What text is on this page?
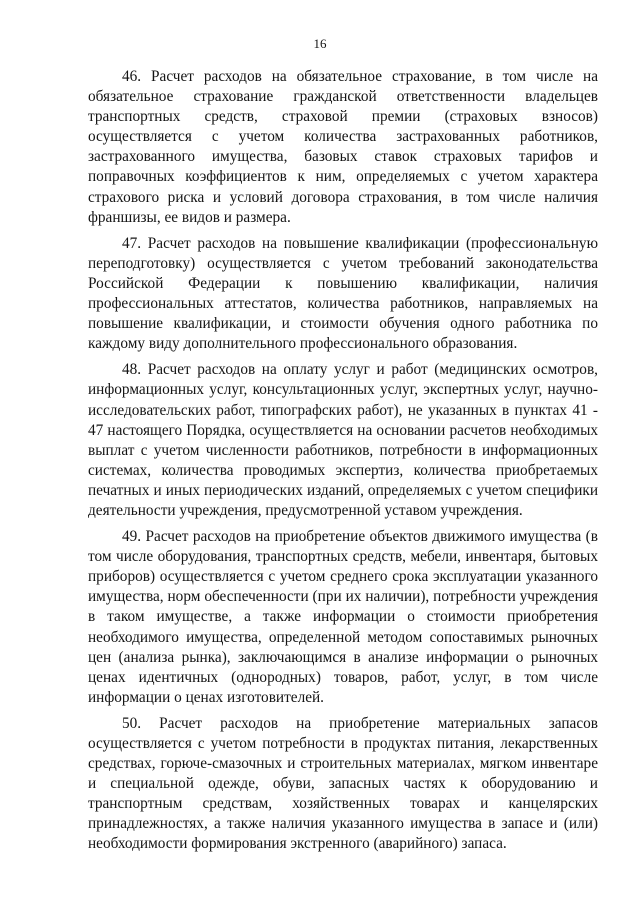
16

46. Расчет расходов на обязательное страхование, в том числе на обязательное страхование гражданской ответственности владельцев транспортных средств, страховой премии (страховых взносов) осуществляется с учетом количества застрахованных работников, застрахованного имущества, базовых ставок страховых тарифов и поправочных коэффициентов к ним, определяемых с учетом характера страхового риска и условий договора страхования, в том числе наличия франшизы, ее видов и размера.

47. Расчет расходов на повышение квалификации (профессиональную переподготовку) осуществляется с учетом требований законодательства Российской Федерации к повышению квалификации, наличия профессиональных аттестатов, количества работников, направляемых на повышение квалификации, и стоимости обучения одного работника по каждому виду дополнительного профессионального образования.

48. Расчет расходов на оплату услуг и работ (медицинских осмотров, информационных услуг, консультационных услуг, экспертных услуг, научно-исследовательских работ, типографских работ), не указанных в пунктах 41 - 47 настоящего Порядка, осуществляется на основании расчетов необходимых выплат с учетом численности работников, потребности в информационных системах, количества проводимых экспертиз, количества приобретаемых печатных и иных периодических изданий, определяемых с учетом специфики деятельности учреждения, предусмотренной уставом учреждения.

49. Расчет расходов на приобретение объектов движимого имущества (в том числе оборудования, транспортных средств, мебели, инвентаря, бытовых приборов) осуществляется с учетом среднего срока эксплуатации указанного имущества, норм обеспеченности (при их наличии), потребности учреждения в таком имуществе, а также информации о стоимости приобретения необходимого имущества, определенной методом сопоставимых рыночных цен (анализа рынка), заключающимся в анализе информации о рыночных ценах идентичных (однородных) товаров, работ, услуг, в том числе информации о ценах изготовителей.

50. Расчет расходов на приобретение материальных запасов осуществляется с учетом потребности в продуктах питания, лекарственных средствах, горюче-смазочных и строительных материалах, мягком инвентаре и специальной одежде, обуви, запасных частях к оборудованию и транспортным средствам, хозяйственных товарах и канцелярских принадлежностях, а также наличия указанного имущества в запасе и (или) необходимости формирования экстренного (аварийного) запаса.
